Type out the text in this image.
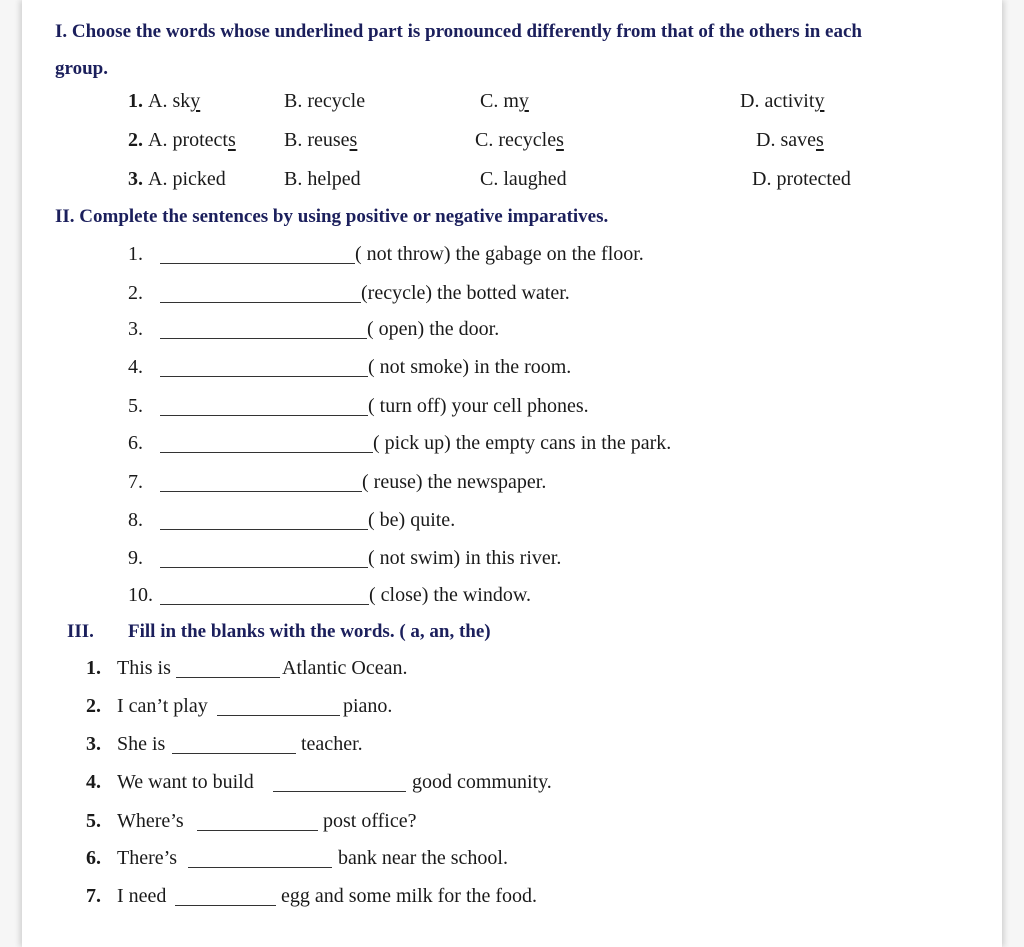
I. Choose the words whose underlined part is pronounced differently from that of the others in each
group.
1. A. sky	B. recycle	C. my	D. activity
2. A. protects B. reuses	C. recycles	D. saves
3. A. picked	B. helped	C. laughed	D. protected
II. Complete the sentences by using positive or negative imparatives.
1.	( not throw) the gabage on the floor.
2.	(recycle) the botted water.
3.	( open) the door.
4.	( not smoke) in the room.
5.	( turn off) your cell phones.
6.	( pick up) the empty cans in the park.
7.	( reuse) the newspaper.
8.	( be) quite.
9.	( not swim) in this river.
10.	( close) the window.
III. Fill in the blanks with the words. ( a, an, the)
1. This is	Atlantic Ocean.
2. I can’t play	piano.
3. She is	teacher.
4. We want to build	good community.
5. Where’s	post office?
6. There’s	bank near the school.
7. I need	egg and some milk for the food.
